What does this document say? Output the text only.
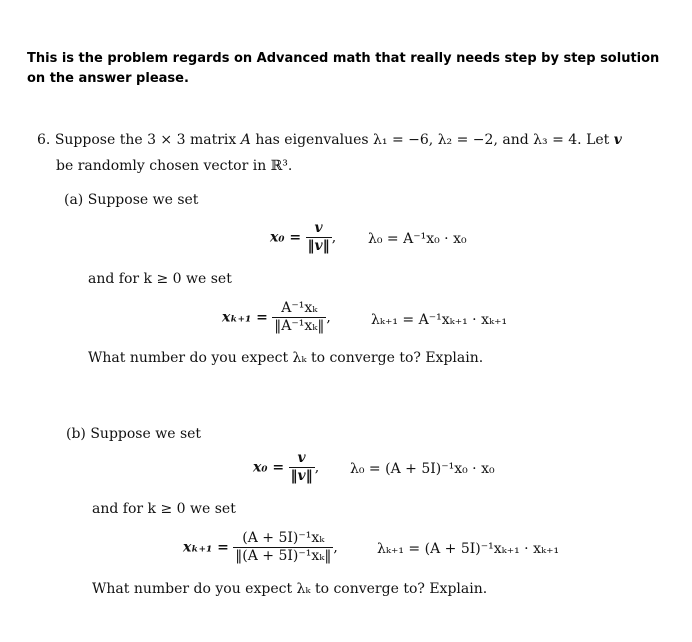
This is the problem regards on Advanced math that really needs step by step solution on the answer please.
6. Suppose the 3 × 3 matrix A has eigenvalues λ₁ = −6, λ₂ = −2, and λ₃ = 4. Let v
be randomly chosen vector in ℝ³.
(a) Suppose we set
$x_0 = \frac{v}{‖v‖}$ , λ₀ = A⁻¹x₀ · x₀
and for k ≥ 0 we set
$x_{k+1} = \frac{\text{A⁻¹xₖ}}{\text{‖A⁻¹xₖ‖}}$ ,	λₖ₊₁ = A⁻¹xₖ₊₁ · xₖ₊₁
What number do you expect λₖ to converge to? Explain.
(b) Suppose we set
$x_0 = \frac{v}{‖v‖}$ , λ₀ = (A + 5I)⁻¹x₀ · x₀
and for k ≥ 0 we set
$x_{k+1} = \frac{\text{(A + 5I)⁻¹xₖ}}{\text{‖(A + 5I)⁻¹xₖ‖}}$ ,	λₖ₊₁ = (A + 5I)⁻¹xₖ₊₁ · xₖ₊₁
What number do you expect λₖ to converge to? Explain.
